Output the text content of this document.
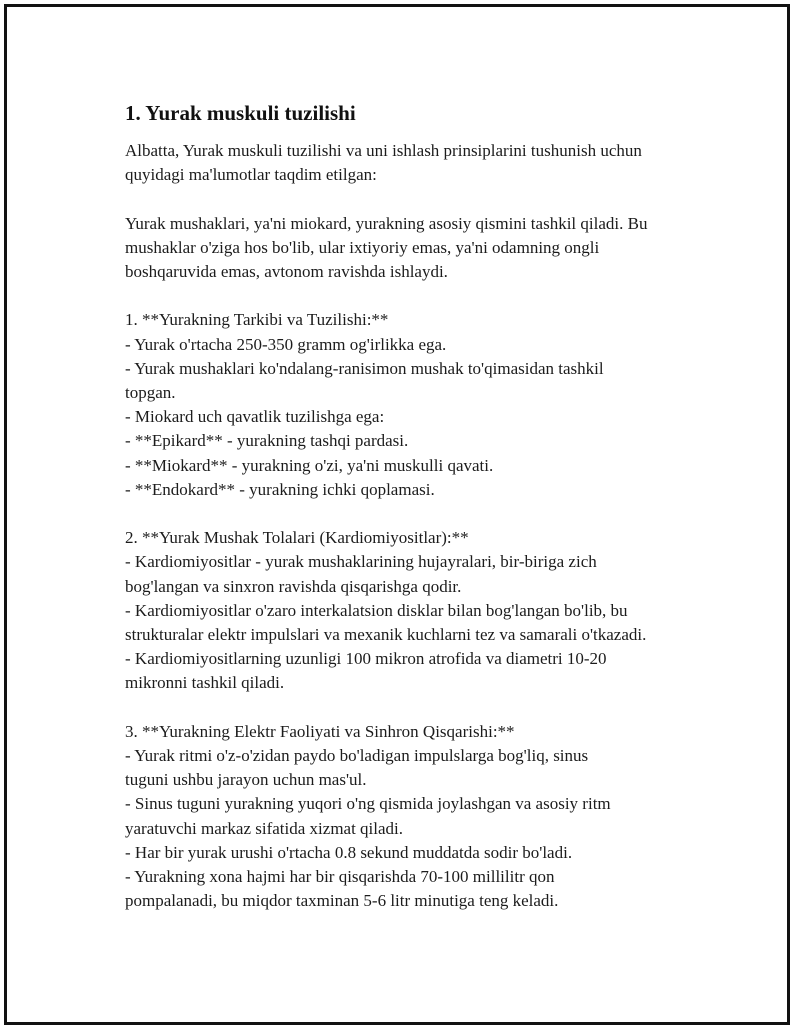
1. Yurak muskuli tuzilishi

Albatta, Yurak muskuli tuzilishi va uni ishlash prinsiplarini tushunish uchun
quyidagi ma'lumotlar taqdim etilgan:

Yurak mushaklari, ya'ni miokard, yurakning asosiy qismini tashkil qiladi. Bu
mushaklar o'ziga hos bo'lib, ular ixtiyoriy emas, ya'ni odamning ongli
boshqaruvida emas, avtonom ravishda ishlaydi.

1. **Yurakning Tarkibi va Tuzilishi:**
- Yurak o'rtacha 250-350 gramm og'irlikka ega.
- Yurak mushaklari ko'ndalang-ranisimon mushak to'qimasidan tashkil
topgan.
- Miokard uch qavatlik tuzilishga ega:
- **Epikard** - yurakning tashqi pardasi.
- **Miokard** - yurakning o'zi, ya'ni muskulli qavati.
- **Endokard** - yurakning ichki qoplamasi.

2. **Yurak Mushak Tolalari (Kardiomiyositlar):**
- Kardiomiyositlar - yurak mushaklarining hujayralari, bir-biriga zich
bog'langan va sinxron ravishda qisqarishga qodir.
- Kardiomiyositlar o'zaro interkalatsion disklar bilan bog'langan bo'lib, bu
strukturalar elektr impulslari va mexanik kuchlarni tez va samarali o'tkazadi.
- Kardiomiyositlarning uzunligi 100 mikron atrofida va diametri 10-20
mikronni tashkil qiladi.

3. **Yurakning Elektr Faoliyati va Sinhron Qisqarishi:**
- Yurak ritmi o'z-o'zidan paydo bo'ladigan impulslarga bog'liq, sinus
tuguni ushbu jarayon uchun mas'ul.
- Sinus tuguni yurakning yuqori o'ng qismida joylashgan va asosiy ritm
yaratuvchi markaz sifatida xizmat qiladi.
- Har bir yurak urushi o'rtacha 0.8 sekund muddatda sodir bo'ladi.
- Yurakning xona hajmi har bir qisqarishda 70-100 millilitr qon
pompalanadi, bu miqdor taxminan 5-6 litr minutiga teng keladi.
